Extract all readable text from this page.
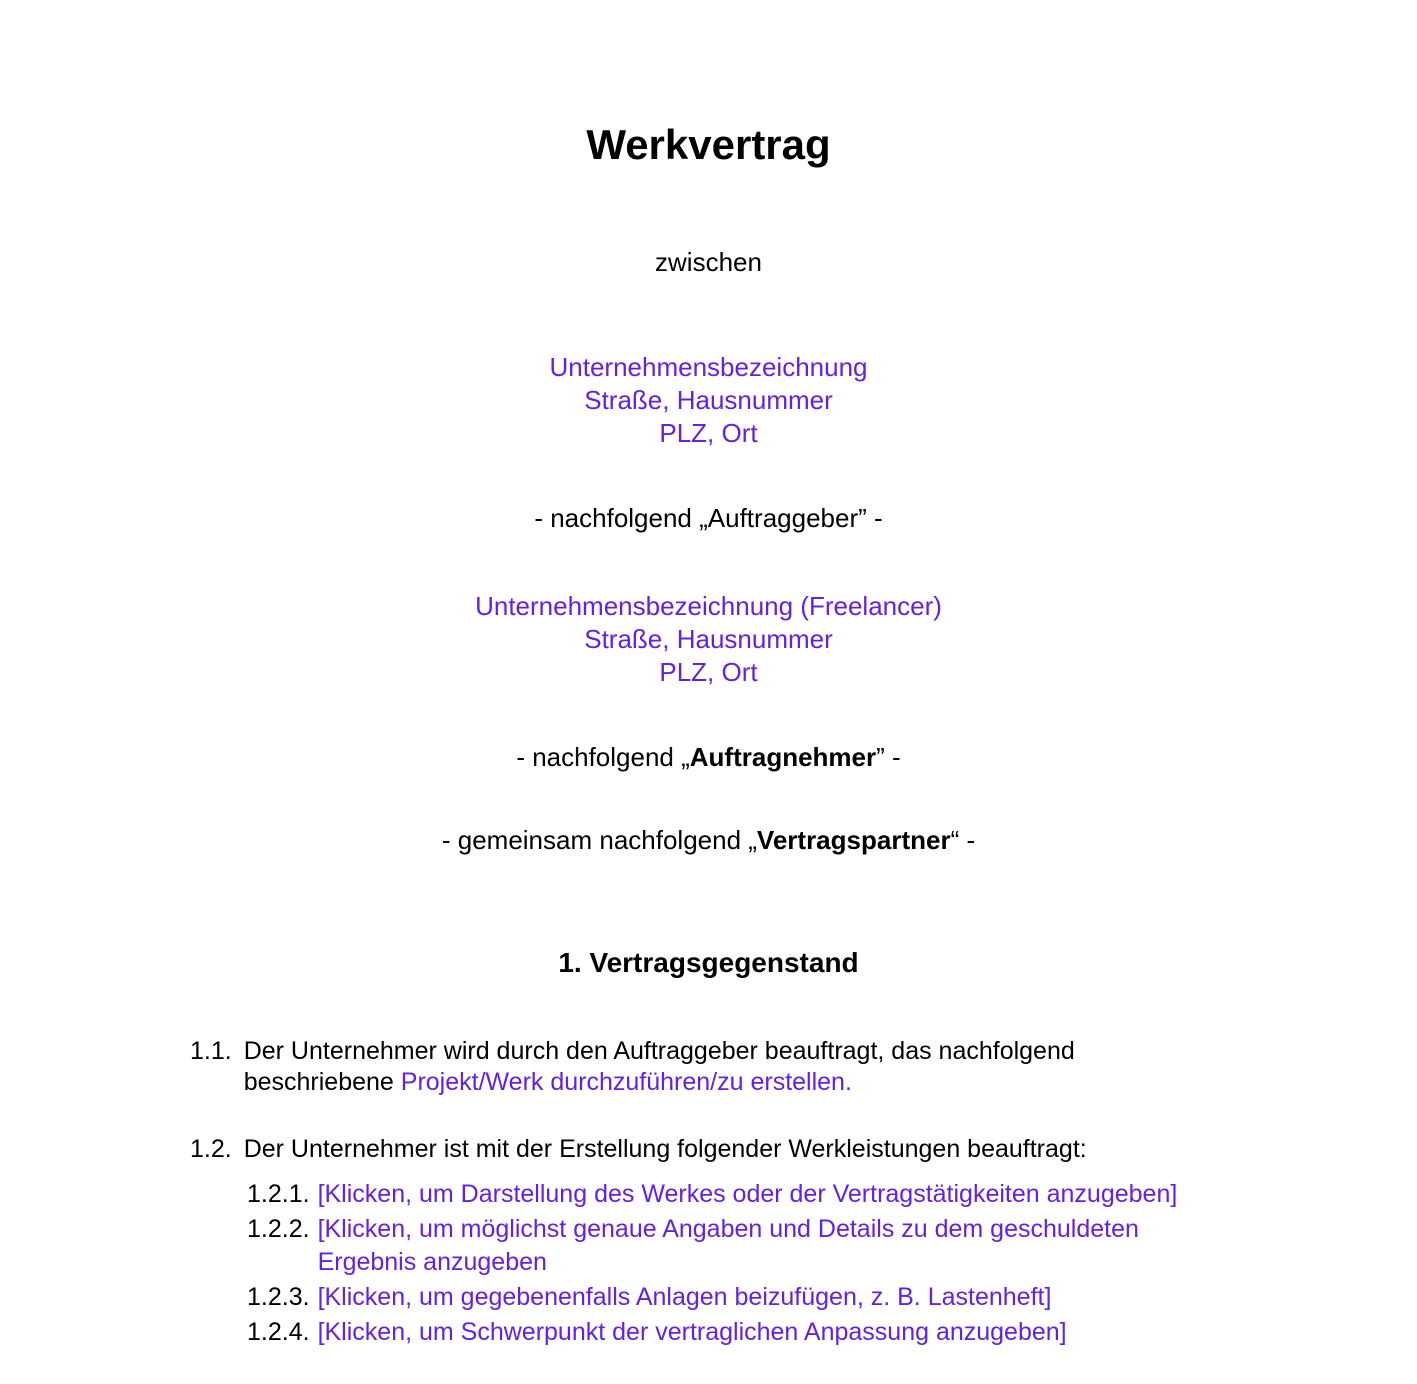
Werkvertrag
zwischen
Unternehmensbezeichnung
Straße, Hausnummer
PLZ, Ort
- nachfolgend „Auftraggeber” -
Unternehmensbezeichnung (Freelancer)
Straße, Hausnummer
PLZ, Ort
- nachfolgend „Auftragnehmer” -
- gemeinsam nachfolgend „Vertragspartner“ -
1. Vertragsgegenstand
1.1. Der Unternehmer wird durch den Auftraggeber beauftragt, das nachfolgend beschriebene Projekt/Werk durchzuführen/zu erstellen.
1.2. Der Unternehmer ist mit der Erstellung folgender Werkleistungen beauftragt:
1.2.1. [Klicken, um Darstellung des Werkes oder der Vertragstätigkeiten anzugeben]
1.2.2. [Klicken, um möglichst genaue Angaben und Details zu dem geschuldeten Ergebnis anzugeben
1.2.3. [Klicken, um gegebenenfalls Anlagen beizufügen, z. B. Lastenheft]
1.2.4. [Klicken, um Schwerpunkt der vertraglichen Anpassung anzugeben]
